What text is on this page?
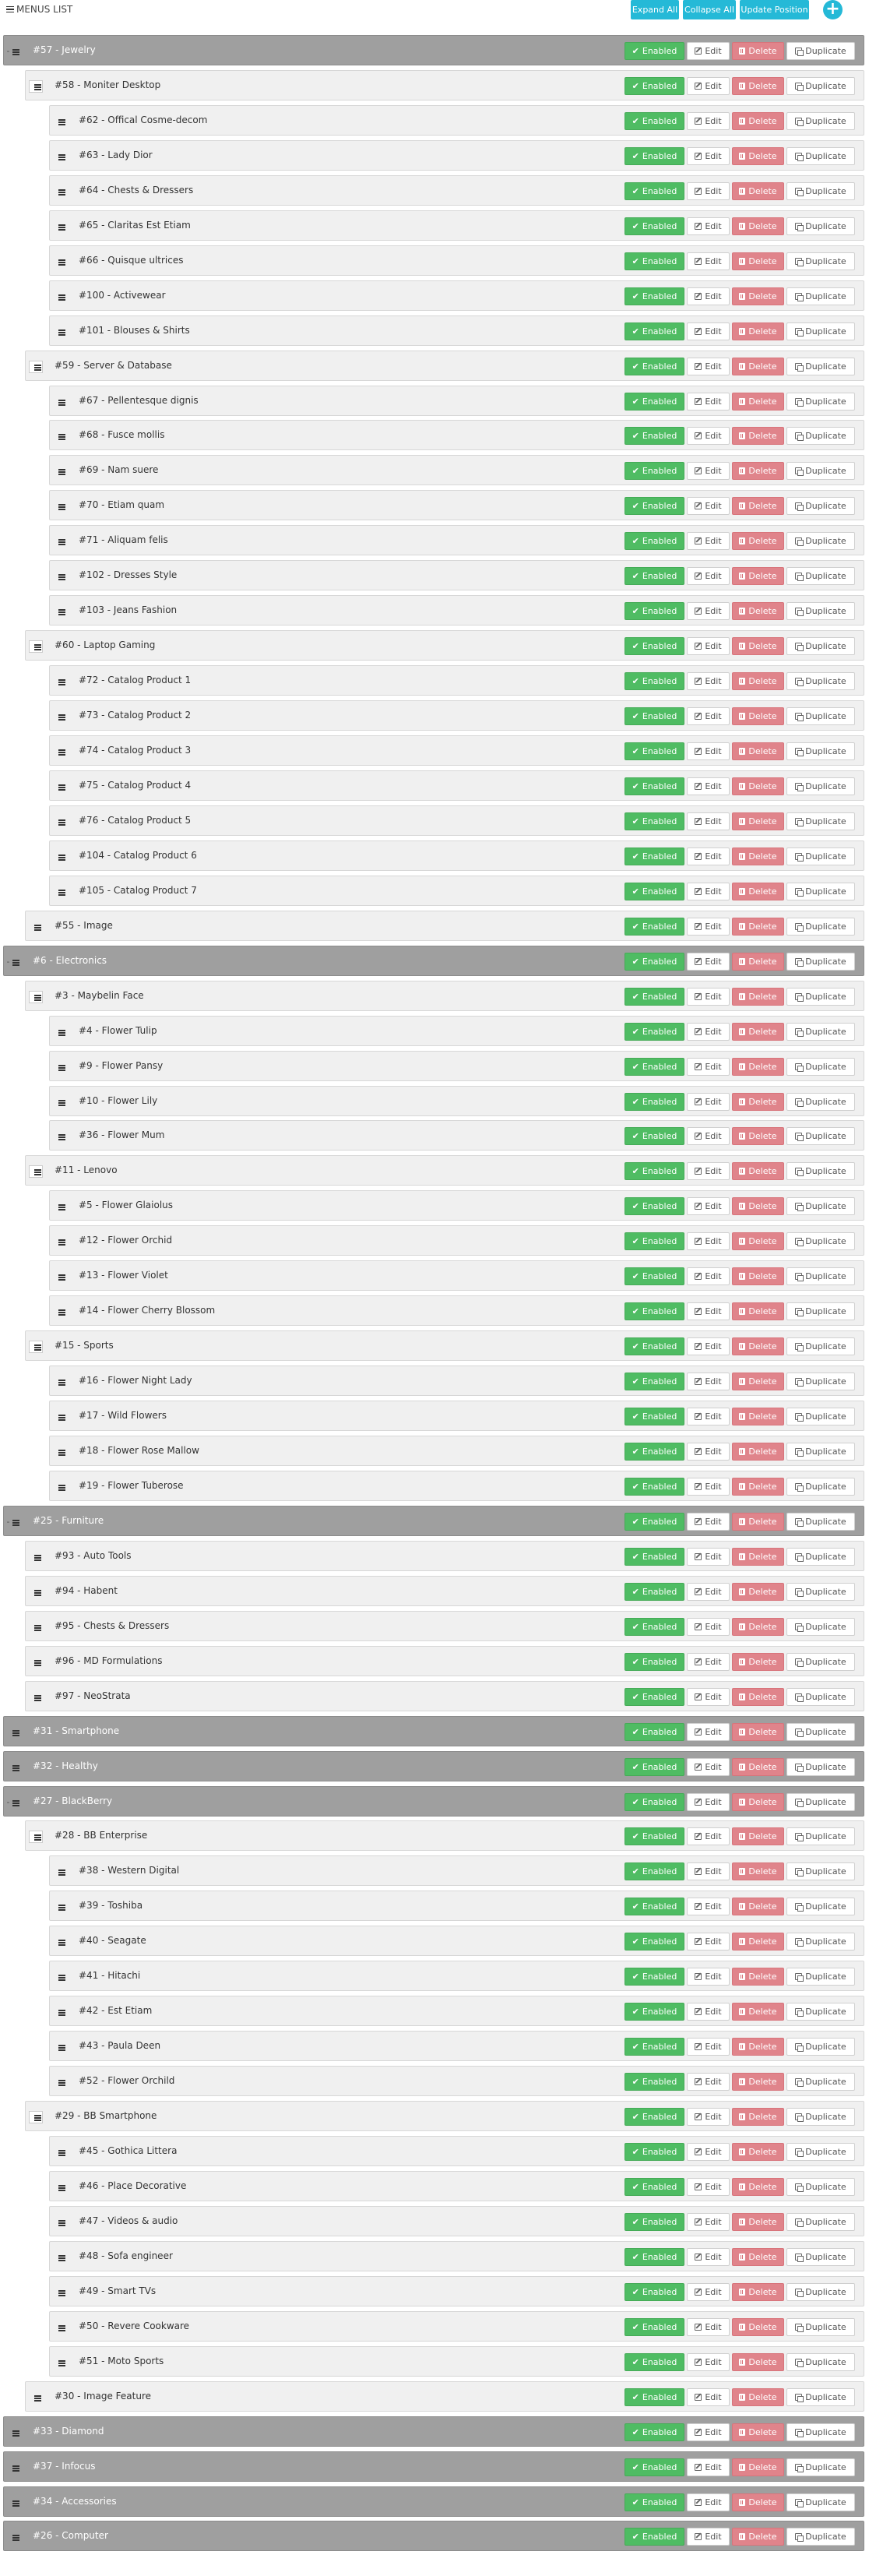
MENUS LIST	Expand All Collapse All Update Position +
- #57 - Jewelry	✔ Enabled	Edit	Delete	Duplicate
#58 - Moniter Desktop	✔ Enabled	Edit	Delete	Duplicate
#62 - Offical Cosme-decom	✔ Enabled	Edit	Delete	Duplicate
#63 - Lady Dior	✔ Enabled	Edit	Delete	Duplicate
#64 - Chests & Dressers	✔ Enabled	Edit	Delete	Duplicate
#65 - Claritas Est Etiam	✔ Enabled	Edit	Delete	Duplicate
#66 - Quisque ultrices	✔ Enabled	Edit	Delete	Duplicate
#100 - Activewear	✔ Enabled	Edit	Delete	Duplicate
#101 - Blouses & Shirts	✔ Enabled	Edit	Delete	Duplicate
#59 - Server & Database	✔ Enabled	Edit	Delete	Duplicate
#67 - Pellentesque dignis	✔ Enabled	Edit	Delete	Duplicate
#68 - Fusce mollis	✔ Enabled	Edit	Delete	Duplicate
#69 - Nam suere	✔ Enabled	Edit	Delete	Duplicate
#70 - Etiam quam	✔ Enabled	Edit	Delete	Duplicate
#71 - Aliquam felis	✔ Enabled	Edit	Delete	Duplicate
#102 - Dresses Style	✔ Enabled	Edit	Delete	Duplicate
#103 - Jeans Fashion	✔ Enabled	Edit	Delete	Duplicate
#60 - Laptop Gaming	✔ Enabled	Edit	Delete	Duplicate
#72 - Catalog Product 1	✔ Enabled	Edit	Delete	Duplicate
#73 - Catalog Product 2	✔ Enabled	Edit	Delete	Duplicate
#74 - Catalog Product 3	✔ Enabled	Edit	Delete	Duplicate
#75 - Catalog Product 4	✔ Enabled	Edit	Delete	Duplicate
#76 - Catalog Product 5	✔ Enabled	Edit	Delete	Duplicate
#104 - Catalog Product 6	✔ Enabled	Edit	Delete	Duplicate
#105 - Catalog Product 7	✔ Enabled	Edit	Delete	Duplicate
#55 - Image	✔ Enabled	Edit	Delete	Duplicate
- #6 - Electronics	✔ Enabled	Edit	Delete	Duplicate
#3 - Maybelin Face	✔ Enabled	Edit	Delete	Duplicate
#4 - Flower Tulip	✔ Enabled	Edit	Delete	Duplicate
#9 - Flower Pansy	✔ Enabled	Edit	Delete	Duplicate
#10 - Flower Lily	✔ Enabled	Edit	Delete	Duplicate
#36 - Flower Mum	✔ Enabled	Edit	Delete	Duplicate
#11 - Lenovo	✔ Enabled	Edit	Delete	Duplicate
#5 - Flower Glaiolus	✔ Enabled	Edit	Delete	Duplicate
#12 - Flower Orchid	✔ Enabled	Edit	Delete	Duplicate
#13 - Flower Violet	✔ Enabled	Edit	Delete	Duplicate
#14 - Flower Cherry Blossom	✔ Enabled	Edit	Delete	Duplicate
#15 - Sports	✔ Enabled	Edit	Delete	Duplicate
#16 - Flower Night Lady	✔ Enabled	Edit	Delete	Duplicate
#17 - Wild Flowers	✔ Enabled	Edit	Delete	Duplicate
#18 - Flower Rose Mallow	✔ Enabled	Edit	Delete	Duplicate
#19 - Flower Tuberose	✔ Enabled	Edit	Delete	Duplicate
- #25 - Furniture	✔ Enabled	Edit	Delete	Duplicate
#93 - Auto Tools	✔ Enabled	Edit	Delete	Duplicate
#94 - Habent	✔ Enabled	Edit	Delete	Duplicate
#95 - Chests & Dressers	✔ Enabled	Edit	Delete	Duplicate
#96 - MD Formulations	✔ Enabled	Edit	Delete	Duplicate
#97 - NeoStrata	✔ Enabled	Edit	Delete	Duplicate
#31 - Smartphone	✔ Enabled	Edit	Delete	Duplicate
#32 - Healthy	✔ Enabled	Edit	Delete	Duplicate
- #27 - BlackBerry	✔ Enabled	Edit	Delete	Duplicate
#28 - BB Enterprise	✔ Enabled	Edit	Delete	Duplicate
#38 - Western Digital	✔ Enabled	Edit	Delete	Duplicate
#39 - Toshiba	✔ Enabled	Edit	Delete	Duplicate
#40 - Seagate	✔ Enabled	Edit	Delete	Duplicate
#41 - Hitachi	✔ Enabled	Edit	Delete	Duplicate
#42 - Est Etiam	✔ Enabled	Edit	Delete	Duplicate
#43 - Paula Deen	✔ Enabled	Edit	Delete	Duplicate
#52 - Flower Orchild	✔ Enabled	Edit	Delete	Duplicate
#29 - BB Smartphone	✔ Enabled	Edit	Delete	Duplicate
#45 - Gothica Littera	✔ Enabled	Edit	Delete	Duplicate
#46 - Place Decorative	✔ Enabled	Edit	Delete	Duplicate
#47 - Videos & audio	✔ Enabled	Edit	Delete	Duplicate
#48 - Sofa engineer	✔ Enabled	Edit	Delete	Duplicate
#49 - Smart TVs	✔ Enabled	Edit	Delete	Duplicate
#50 - Revere Cookware	✔ Enabled	Edit	Delete	Duplicate
#51 - Moto Sports	✔ Enabled	Edit	Delete	Duplicate
#30 - Image Feature	✔ Enabled	Edit	Delete	Duplicate
#33 - Diamond	✔ Enabled	Edit	Delete	Duplicate
#37 - Infocus	✔ Enabled	Edit	Delete	Duplicate
#34 - Accessories	✔ Enabled	Edit	Delete	Duplicate
#26 - Computer	✔ Enabled	Edit	Delete	Duplicate
